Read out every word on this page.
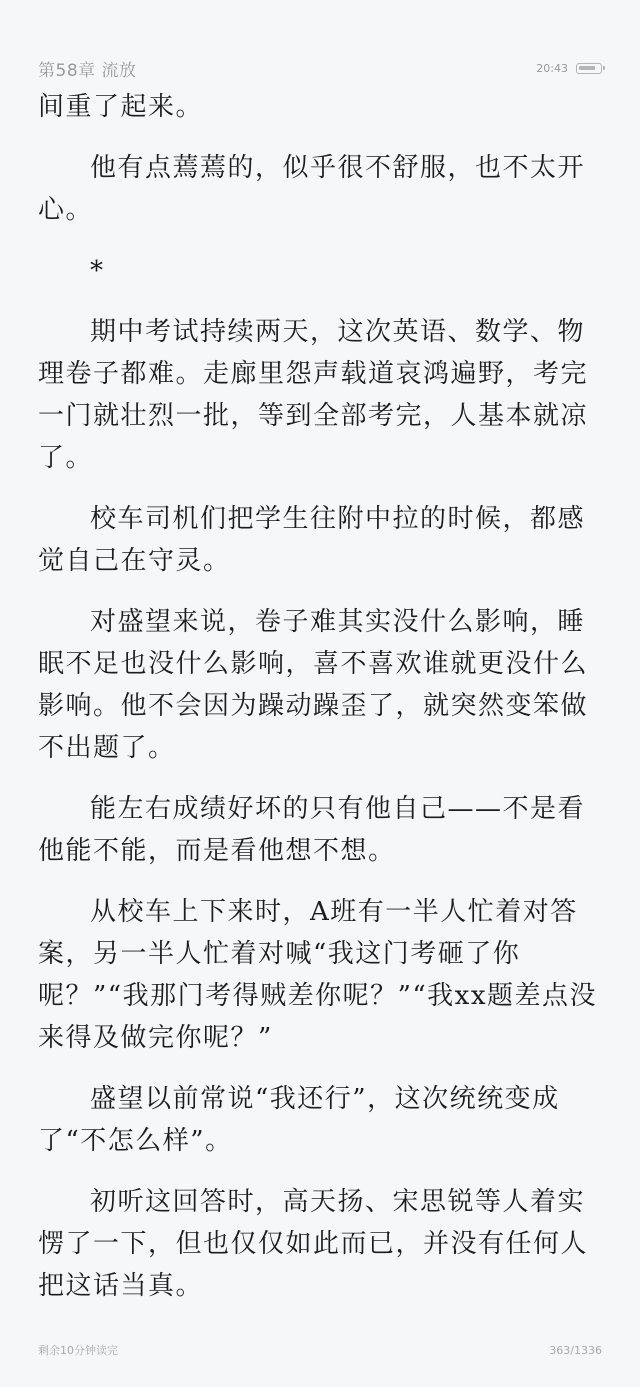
第58章 流放	20:43

间重了起来。

他有点蔫蔫的，似乎很不舒服，也不太开心。

*

期中考试持续两天，这次英语、数学、物理卷子都难。走廊里怨声载道哀鸿遍野，考完一门就壮烈一批，等到全部考完，人基本就凉了。

校车司机们把学生往附中拉的时候，都感觉自己在守灵。

对盛望来说，卷子难其实没什么影响，睡眠不足也没什么影响，喜不喜欢谁就更没什么影响。他不会因为躁动躁歪了，就突然变笨做不出题了。

能左右成绩好坏的只有他自己——不是看他能不能，而是看他想不想。

从校车上下来时，A班有一半人忙着对答案，另一半人忙着对喊“我这门考砸了你呢？”“我那门考得贼差你呢？”“我xx题差点没来得及做完你呢？”

盛望以前常说“我还行”，这次统统变成了“不怎么样”。

初听这回答时，高天扬、宋思锐等人着实愣了一下，但也仅仅如此而已，并没有任何人把这话当真。

剩余10分钟读完	363/1336
